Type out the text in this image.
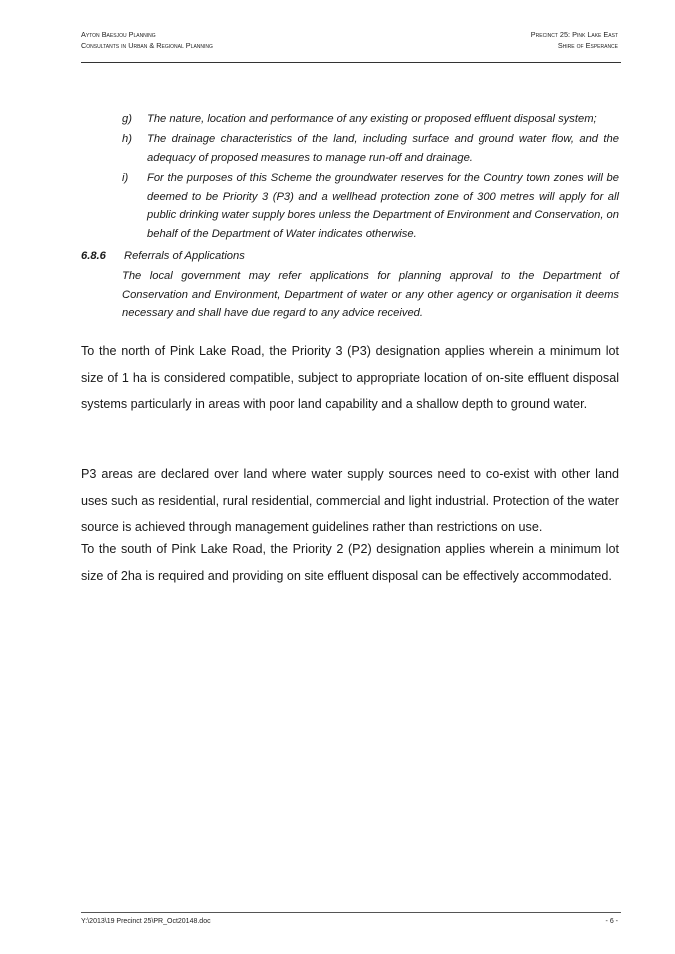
Ayton Baesjou Planning
Consultants in Urban & Regional Planning
Precinct 25: Pink Lake East
Shire of Esperance
g)	The nature, location and performance of any existing or proposed effluent disposal system;
h)	The drainage characteristics of the land, including surface and ground water flow, and the adequacy of proposed measures to manage run-off and drainage.
i)	For the purposes of this Scheme the groundwater reserves for the Country town zones will be deemed to be Priority 3 (P3) and a wellhead protection zone of 300 metres will apply for all public drinking water supply bores unless the Department of Environment and Conservation, on behalf of the Department of Water indicates otherwise.
6.8.6 Referrals of Applications
The local government may refer applications for planning approval to the Department of Conservation and Environment, Department of water or any other agency or organisation it deems necessary and shall have due regard to any advice received.
To the north of Pink Lake Road, the Priority 3 (P3) designation applies wherein a minimum lot size of 1 ha is considered compatible, subject to appropriate location of on-site effluent disposal systems particularly in areas with poor land capability and a shallow depth to ground water.
P3 areas are declared over land where water supply sources need to co-exist with other land uses such as residential, rural residential, commercial and light industrial. Protection of the water source is achieved through management guidelines rather than restrictions on use.
To the south of Pink Lake Road, the Priority 2 (P2) designation applies wherein a minimum lot size of 2ha is required and providing on site effluent disposal can be effectively accommodated.
Y:\2013\19 Precinct 25\PR_Oct20148.doc	- 6 -
